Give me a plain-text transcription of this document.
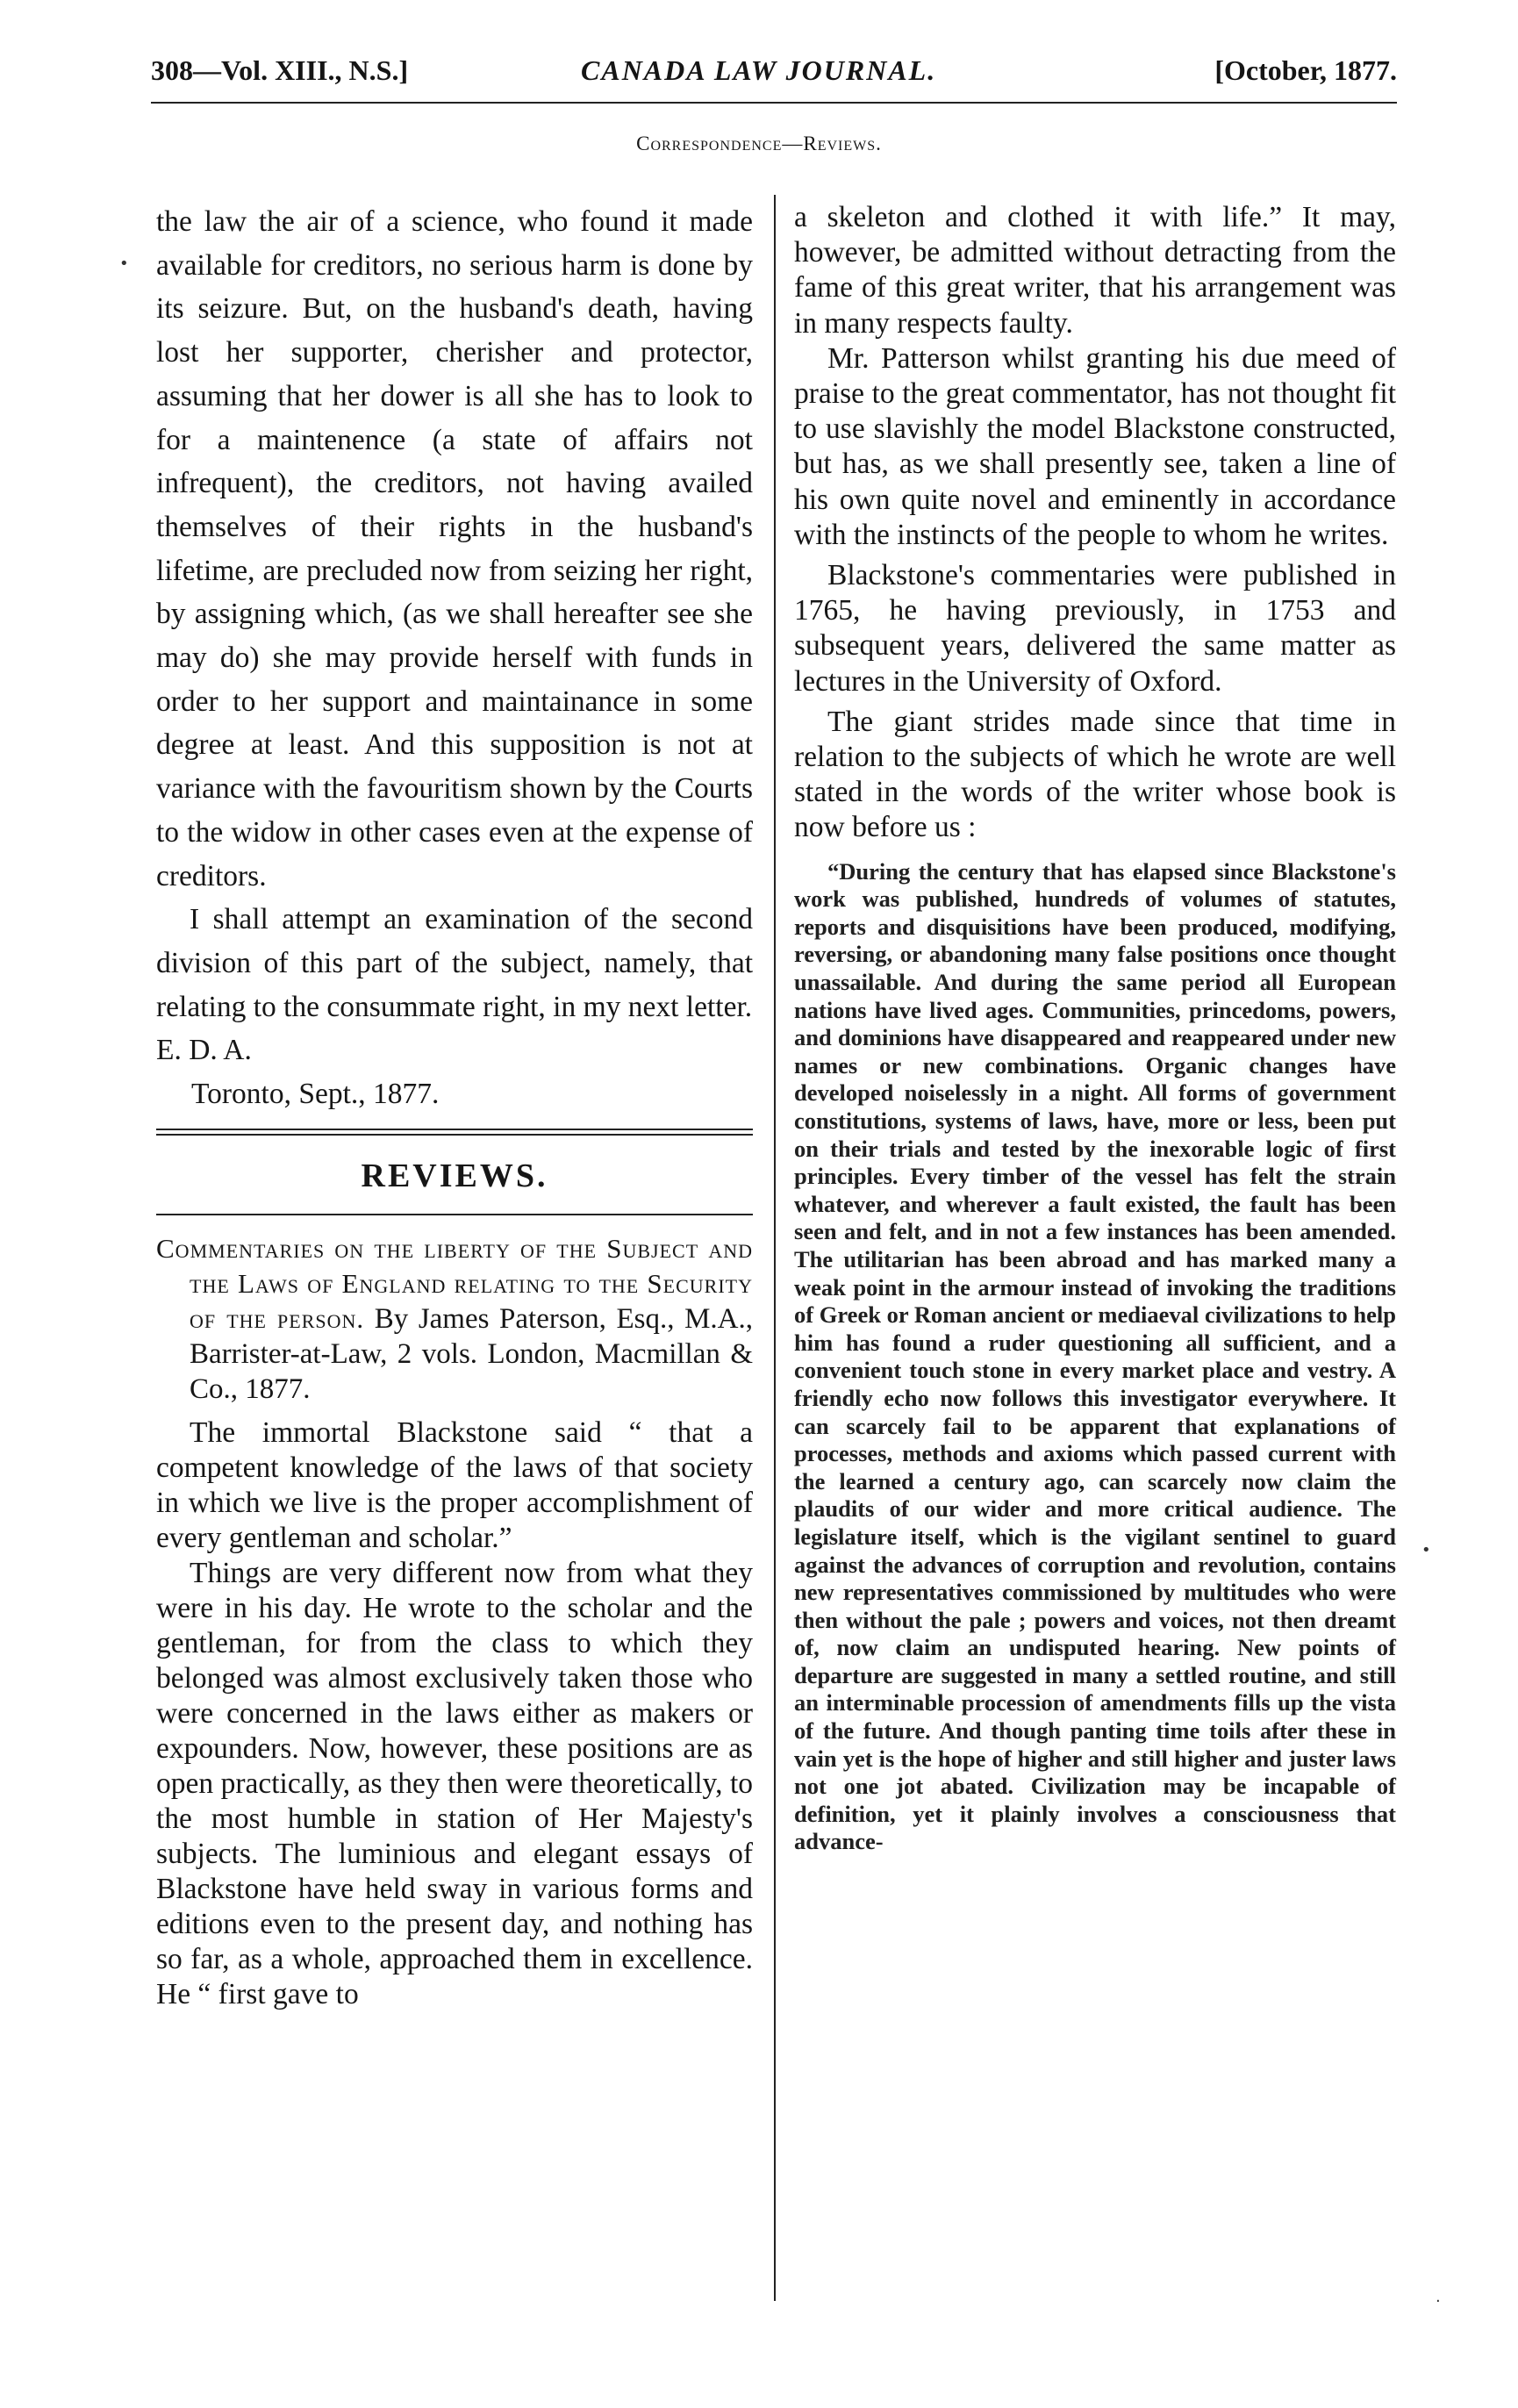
308—Vol. XIII., N.S.]	CANADA LAW JOURNAL.	[October, 1877.
Correspondence—Reviews.

the law the air of a science, who found it made available for creditors, no serious harm is done by its seizure. But, on the husband's death, having lost her supporter, cherisher and protector, assuming that her dower is all she has to look to for a maintenence (a state of affairs not infrequent), the creditors, not having availed themselves of their rights in the husband's lifetime, are precluded now from seizing her right, by assigning which, (as we shall hereafter see she may do) she may provide herself with funds in order to her support and maintainance in some degree at least. And this supposition is not at variance with the favouritism shown by the Courts to the widow in other cases even at the expense of creditors.

I shall attempt an examination of the second division of this part of the subject, namely, that relating to the consummate right, in my next letter.

E. D. A.

Toronto, Sept., 1877.

REVIEWS.
Commentaries on the liberty of the Subject and the Laws of England relating to the Security of the person. By James Paterson, Esq., M.A., Barrister-at-Law, 2 vols. London, Macmillan & Co., 1877.

The immortal Blackstone said “ that a competent knowledge of the laws of that society in which we live is the proper accomplishment of every gentleman and scholar.”

Things are very different now from what they were in his day. He wrote to the scholar and the gentleman, for from the class to which they belonged was almost exclusively taken those who were concerned in the laws either as makers or expounders. Now, however, these positions are as open practically, as they then were theoretically, to the most humble in station of Her Majesty's subjects. The luminious and elegant essays of Blackstone have held sway in various forms and editions even to the present day, and nothing has so far, as a whole, approached them in excellence. He “ first gave to

a skeleton and clothed it with life.” It may, however, be admitted without detracting from the fame of this great writer, that his arrangement was in many respects faulty.

Mr. Patterson whilst granting his due meed of praise to the great commentator, has not thought fit to use slavishly the model Blackstone constructed, but has, as we shall presently see, taken a line of his own quite novel and eminently in accordance with the instincts of the people to whom he writes.

Blackstone's commentaries were published in 1765, he having previously, in 1753 and subsequent years, delivered the same matter as lectures in the University of Oxford.

The giant strides made since that time in relation to the subjects of which he wrote are well stated in the words of the writer whose book is now before us :

“During the century that has elapsed since Blackstone's work was published, hundreds of volumes of statutes, reports and disquisitions have been produced, modifying, reversing, or abandoning many false positions once thought unassailable. And during the same period all European nations have lived ages. Communities, princedoms, powers, and dominions have disappeared and reappeared under new names or new combinations. Organic changes have developed noiselessly in a night. All forms of government constitutions, systems of laws, have, more or less, been put on their trials and tested by the inexorable logic of first principles. Every timber of the vessel has felt the strain whatever, and wherever a fault existed, the fault has been seen and felt, and in not a few instances has been amended. The utilitarian has been abroad and has marked many a weak point in the armour instead of invoking the traditions of Greek or Roman ancient or mediaeval civilizations to help him has found a ruder questioning all sufficient, and a convenient touch stone in every market place and vestry. A friendly echo now follows this investigator everywhere. It can scarcely fail to be apparent that explanations of processes, methods and axioms which passed current with the learned a century ago, can scarcely now claim the plaudits of our wider and more critical audience. The legislature itself, which is the vigilant sentinel to guard against the advances of corruption and revolution, contains new representatives commissioned by multitudes who were then without the pale ; powers and voices, not then dreamt of, now claim an undisputed hearing. New points of departure are suggested in many a settled routine, and still an interminable procession of amendments fills up the vista of the future. And though panting time toils after these in vain yet is the hope of higher and still higher and juster laws not one jot abated. Civilization may be incapable of definition, yet it plainly involves a consciousness that advance-

•
•
·
